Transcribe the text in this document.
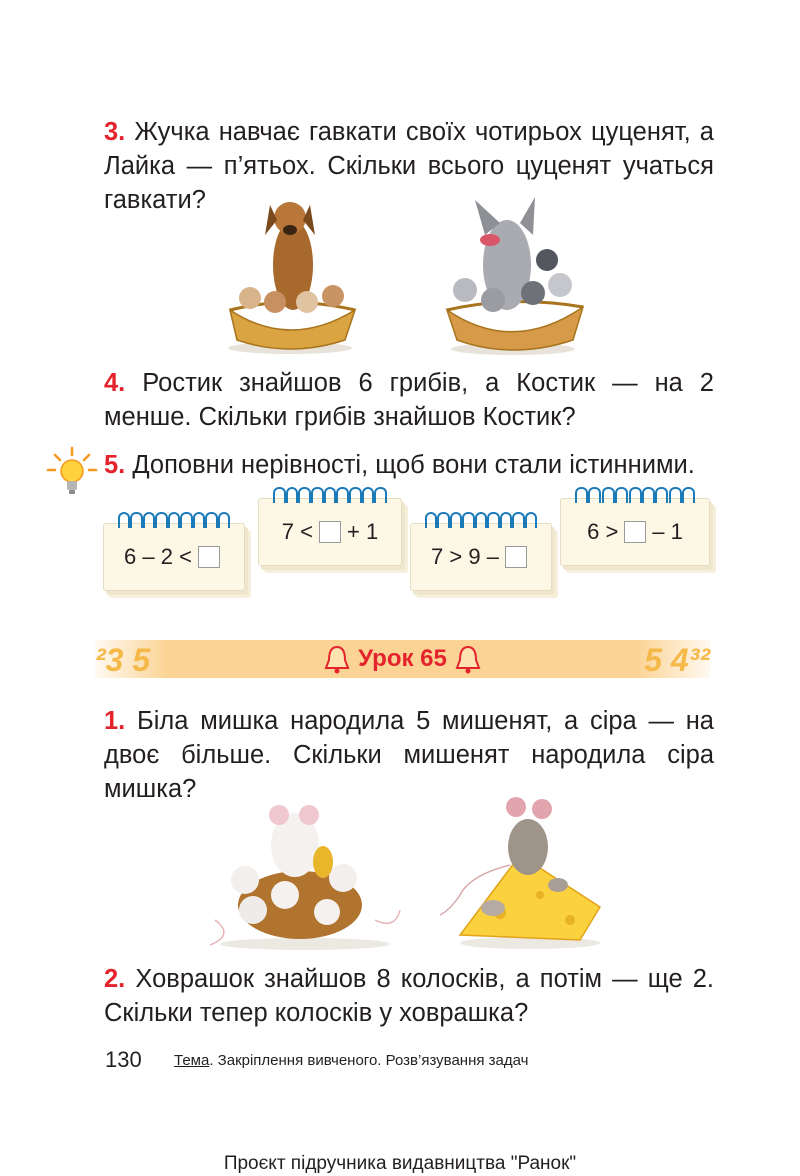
3. Жучка навчає гавкати своїх чотирьох цуценят, а Лайка — п’ятьох. Скільки всього цуценят учаться гавкати?
4. Ростик знайшов 6 грибів, а Костик — на 2 менше. Скільки грибів знайшов Костик?
5. Доповни нерівності, щоб вони стали істинними.
6 – 2 <
7 < + 1
7 > 9 –
6 > – 1
²3 5	5 4³²
Урок 65
1. Біла мишка народила 5 мишенят, а сіра — на двоє більше. Скільки мишенят народила сіра мишка?
2. Ховрашок знайшов 8 колосків, а потім — ще 2. Скільки тепер колосків у ховрашка?
130 Тема. Закріплення вивченого. Розв’язування задач
Проєкт підручника видавництва "Ранок"
